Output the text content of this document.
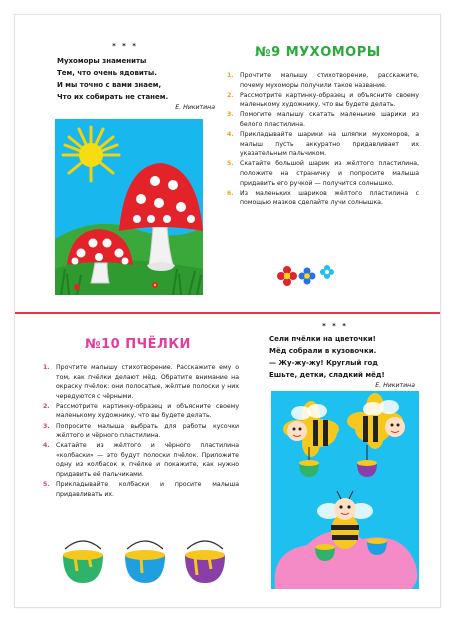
* * *
Мухоморы знамениты
Тем, что очень ядовиты.
И мы точно с вами знаем,
Что их собирать не станем.
Е. Никитина
№9 МУХОМОРЫ
1. Прочтите малышу стихотворение, расскажите, почему мухоморы получили такое название.
2. Рассмотрите картинку-образец и объясните своему маленькому художнику, что вы будете делать.
3. Помогите малышу скатать маленькие шарики из белого пластилина.
4. Прикладывайте шарики на шляпки мухоморов, а малыш пусть аккуратно придавливает их указательным пальчиком.
5. Скатайте большой шарик из жёлтого пластилина, положите на страничку и попросите малыша придавить его ручкой — получится солнышко.
6. Из маленьких шариков жёлтого пластилина с помощью мазков сделайте лучи солнышка.
№10 ПЧЁЛКИ
1. Прочтите малышу стихотворение. Расскажите ему о том, как пчёлки делают мёд. Обратите внимание на окраску пчёлок: они полосатые, жёлтые полоски у них чередуются с чёрными.
2. Рассмотрите картинку-образец и объясните своему маленькому художнику, что вы будете делать.
3. Попросите малыша выбрать для работы кусочки жёлтого и чёрного пластилина.
4. Скатайте из жёлтого и чёрного пластилина «колбаски» — это будут полоски пчёлок. Приложите одну из колбасок к пчёлке и покажите, как нужно придавить её пальчиками.
5. Прикладывайте колбаски и просите малыша придавливать их.
* * *
Сели пчёлки на цветочки!
Мёд собрали в кузовочки.
— Жу-жу-жу! Круглый год
Ешьте, детки, сладкий мёд!
Е. Никитина
